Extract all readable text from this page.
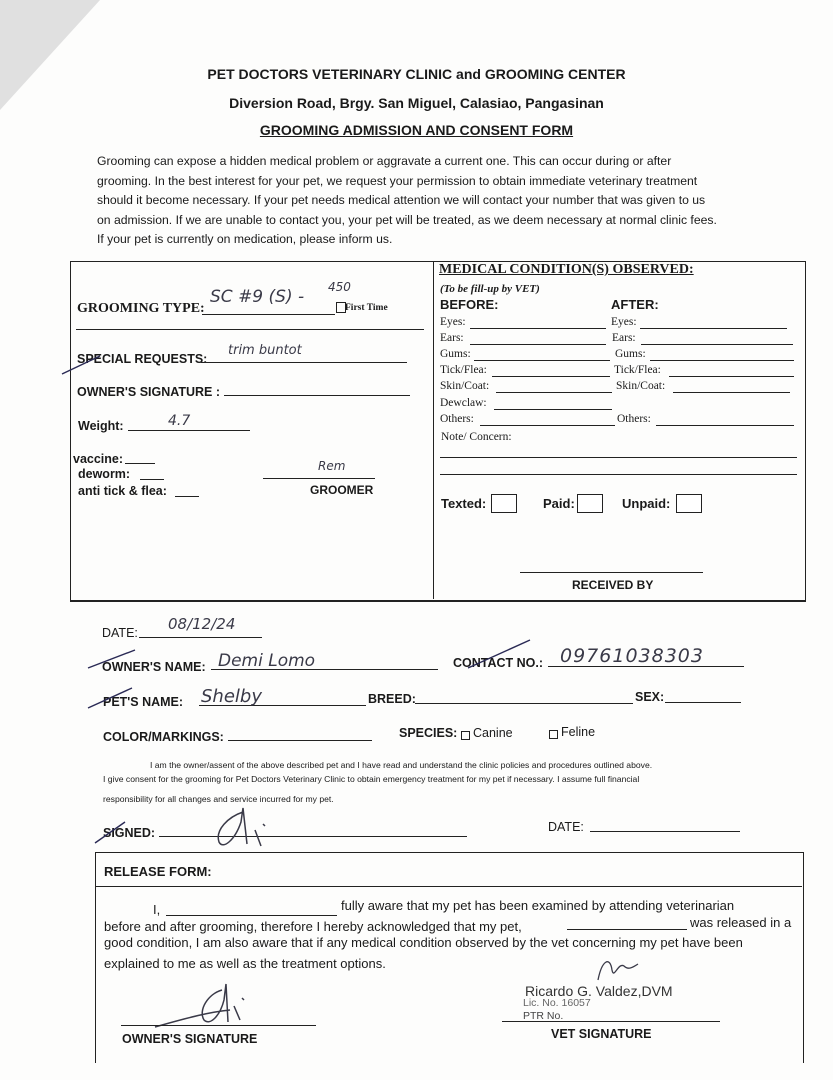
PET DOCTORS VETERINARY CLINIC and GROOMING CENTER
Diversion Road, Brgy. San Miguel, Calasiao, Pangasinan
GROOMING ADMISSION AND CONSENT FORM
Grooming can expose a hidden medical problem or aggravate a current one. This can occur during or after
grooming. In the best interest for your pet, we request your permission to obtain immediate veterinary treatment
should it become necessary. If your pet needs medical attention we will contact your number that was given to us
on admission. If we are unable to contact you, your pet will be treated, as we deem necessary at normal clinic fees.
If your pet is currently on medication, please inform us.
GROOMING TYPE:
SC #9 (S) - 450
First Time
SPECIAL REQUESTS:
trim buntot
OWNER'S SIGNATURE :
Weight:	4.7
vaccine:
deworm:
anti tick & flea:
Rem
GROOMER
MEDICAL CONDITION(S) OBSERVED:
(To be fill-up by VET)
BEFORE:	AFTER:
Eyes:
Ears:
Gums:
Tick/Flea:
Skin/Coat:
Dewclaw:
Others:
Eyes:
Ears:
Gums:
Tick/Flea:
Skin/Coat:
Others:
Note/ Concern:
Texted:	Paid:	Unpaid:
RECEIVED BY
DATE: 08/12/24
OWNER'S NAME: Demi Lomo	CONTACT NO.: 09761038303
PET'S NAME: Shelby	BREED:	SEX:
COLOR/MARKINGS:	SPECIES: Canine	Feline
I am the owner/assent of the above described pet and I have read and understand the clinic policies and procedures outlined above.
I give consent for the grooming for Pet Doctors Veterinary Clinic to obtain emergency treatment for my pet if necessary. I assume full financial
responsibility for all changes and service incurred for my pet.
SIGNED:	DATE:
RELEASE FORM:
I,	fully aware that my pet has been examined by attending veterinarian
before and after grooming, therefore I hereby acknowledged that my pet,	was released in a
good condition, I am also aware that if any medical condition observed by the vet concerning my pet have been
explained to me as well as the treatment options.
OWNER'S SIGNATURE
Ricardo G. Valdez,DVM
Lic. No. 16057
PTR No.
VET SIGNATURE
